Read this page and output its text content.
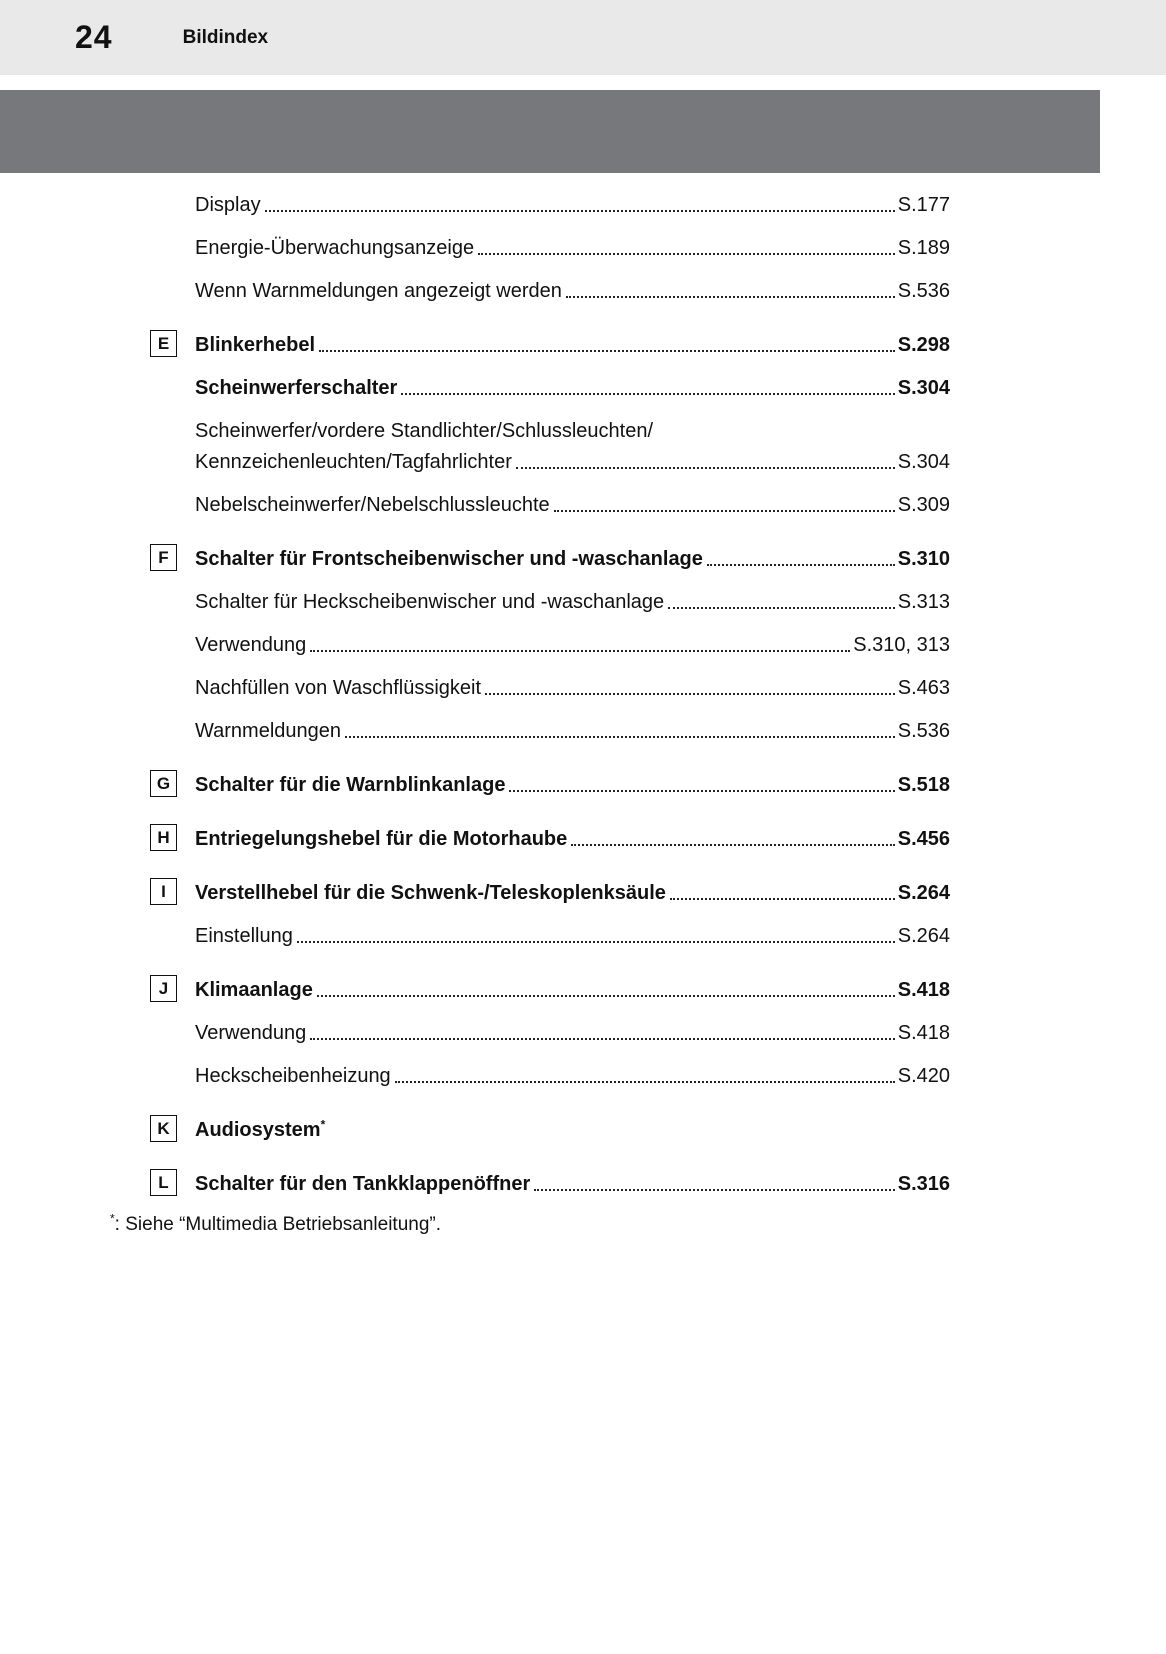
24	Bildindex
Display	S.177
Energie-Überwachungsanzeige	S.189
Wenn Warnmeldungen angezeigt werden	S.536
E	Blinkerhebel	S.298
Scheinwerferschalter	S.304
Scheinwerfer/vordere Standlichter/Schlussleuchten/
Kennzeichenleuchten/Tagfahrlichter	S.304
Nebelscheinwerfer/Nebelschlussleuchte	S.309
F	Schalter für Frontscheibenwischer und -waschanlage	S.310
Schalter für Heckscheibenwischer und -waschanlage	S.313
Verwendung	S.310, 313
Nachfüllen von Waschflüssigkeit	S.463
Warnmeldungen	S.536
G	Schalter für die Warnblinkanlage	S.518
H	Entriegelungshebel für die Motorhaube	S.456
I	Verstellhebel für die Schwenk-/Teleskoplenksäule	S.264
Einstellung	S.264
J	Klimaanlage	S.418
Verwendung	S.418
Heckscheibenheizung	S.420
K	Audiosystem*
L	Schalter für den Tankklappenöffner	S.316
*: Siehe “Multimedia Betriebsanleitung”.
